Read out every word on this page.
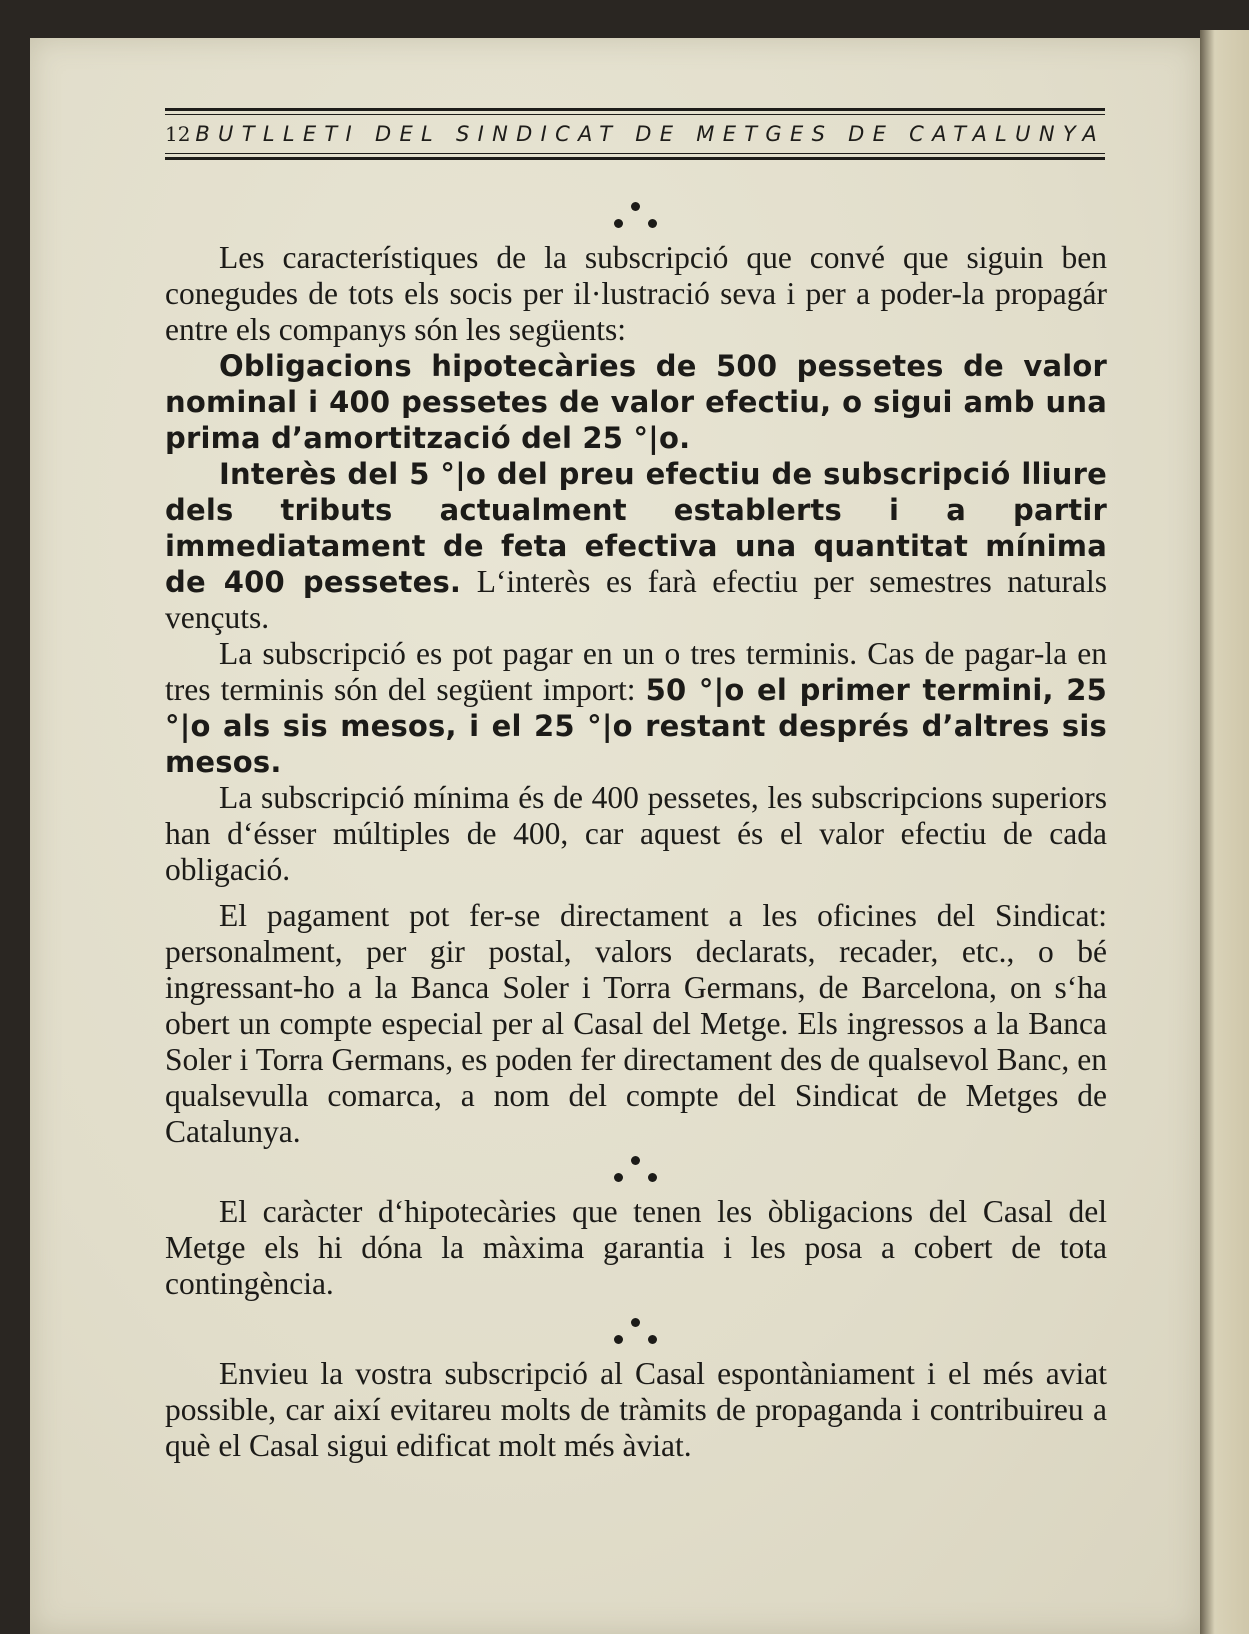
12 BUTLLETI DEL SINDICAT DE METGES DE CATALUNYA

Les característiques de la subscripció que convé que siguin ben conegudes de tots els socis per il·lustració seva i per a poder-la propagár entre els companys són les següents:

Obligacions hipotecàries de 500 pessetes de valor nominal i 400 pessetes de valor efectiu, o sigui amb una prima d’amortització del 25 °|o.

Interès del 5 °|o del preu efectiu de subscripció lliure dels tributs actualment establerts i a partir immediatament de feta efectiva una quantitat mínima de 400 pessetes. L‘interès es farà efectiu per semestres naturals vençuts.

La subscripció es pot pagar en un o tres terminis. Cas de pagar-la en tres terminis són del següent import: 50 °|o el primer termini, 25 °|o als sis mesos, i el 25 °|o restant després d’altres sis mesos.

La subscripció mínima és de 400 pessetes, les subscripcions superiors han d‘ésser múltiples de 400, car aquest és el valor efectiu de cada obligació.

El pagament pot fer-se directament a les oficines del Sindicat: personalment, per gir postal, valors declarats, recader, etc., o bé ingressant-ho a la Banca Soler i Torra Germans, de Barcelona, on s‘ha obert un compte especial per al Casal del Metge. Els ingressos a la Banca Soler i Torra Germans, es poden fer directament des de qualsevol Banc, en qualsevulla comarca, a nom del compte del Sindicat de Metges de Catalunya.

El caràcter d‘hipotecàries que tenen les òbligacions del Casal del Metge els hi dóna la màxima garantia i les posa a cobert de tota contingència.

Envieu la vostra subscripció al Casal espontàniament i el més aviat possible, car així evitareu molts de tràmits de propaganda i contribuireu a què el Casal sigui edificat molt més àviat.
